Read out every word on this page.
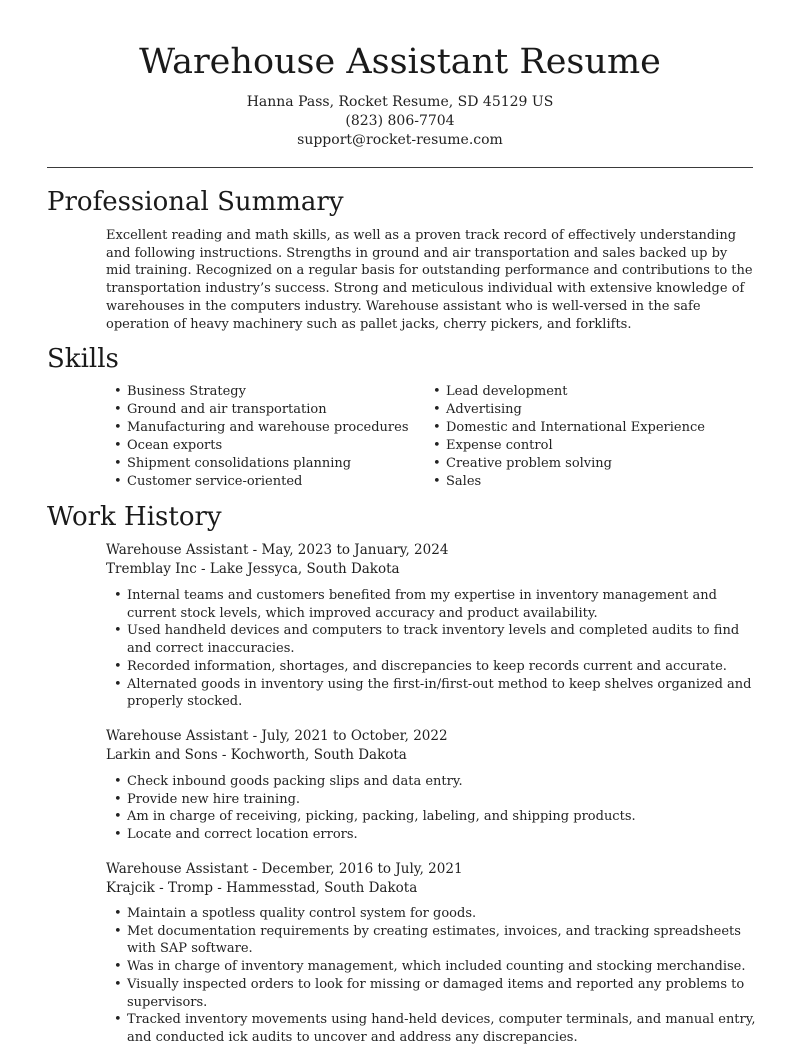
Warehouse Assistant Resume
Hanna Pass, Rocket Resume, SD 45129 US
(823) 806-7704
support@rocket-resume.com
Professional Summary

Excellent reading and math skills, as well as a proven track record of effectively understanding and following instructions. Strengths in ground and air transportation and sales backed up by mid training. Recognized on a regular basis for outstanding performance and contributions to the transportation industry’s success. Strong and meticulous individual with extensive knowledge of warehouses in the computers industry. Warehouse assistant who is well-versed in the safe operation of heavy machinery such as pallet jacks, cherry pickers, and forklifts.

Skills
• Business Strategy
• Ground and air transportation
• Manufacturing and warehouse procedures
• Ocean exports
• Shipment consolidations planning
• Customer service-oriented
• Lead development
• Advertising
• Domestic and International Experience
• Expense control
• Creative problem solving
• Sales
Work History
Warehouse Assistant - May, 2023 to January, 2024
Tremblay Inc - Lake Jessyca, South Dakota
• Internal teams and customers benefited from my expertise in inventory management and current stock levels, which improved accuracy and product availability.
• Used handheld devices and computers to track inventory levels and completed audits to find and correct inaccuracies.
• Recorded information, shortages, and discrepancies to keep records current and accurate.
• Alternated goods in inventory using the first-in/first-out method to keep shelves organized and properly stocked.
Warehouse Assistant - July, 2021 to October, 2022
Larkin and Sons - Kochworth, South Dakota
• Check inbound goods packing slips and data entry.
• Provide new hire training.
• Am in charge of receiving, picking, packing, labeling, and shipping products.
• Locate and correct location errors.
Warehouse Assistant - December, 2016 to July, 2021
Krajcik - Tromp - Hammesstad, South Dakota
• Maintain a spotless quality control system for goods.
• Met documentation requirements by creating estimates, invoices, and tracking spreadsheets with SAP software.
• Was in charge of inventory management, which included counting and stocking merchandise.
• Visually inspected orders to look for missing or damaged items and reported any problems to supervisors.
• Tracked inventory movements using hand-held devices, computer terminals, and manual entry, and conducted ick audits to uncover and address any discrepancies.
